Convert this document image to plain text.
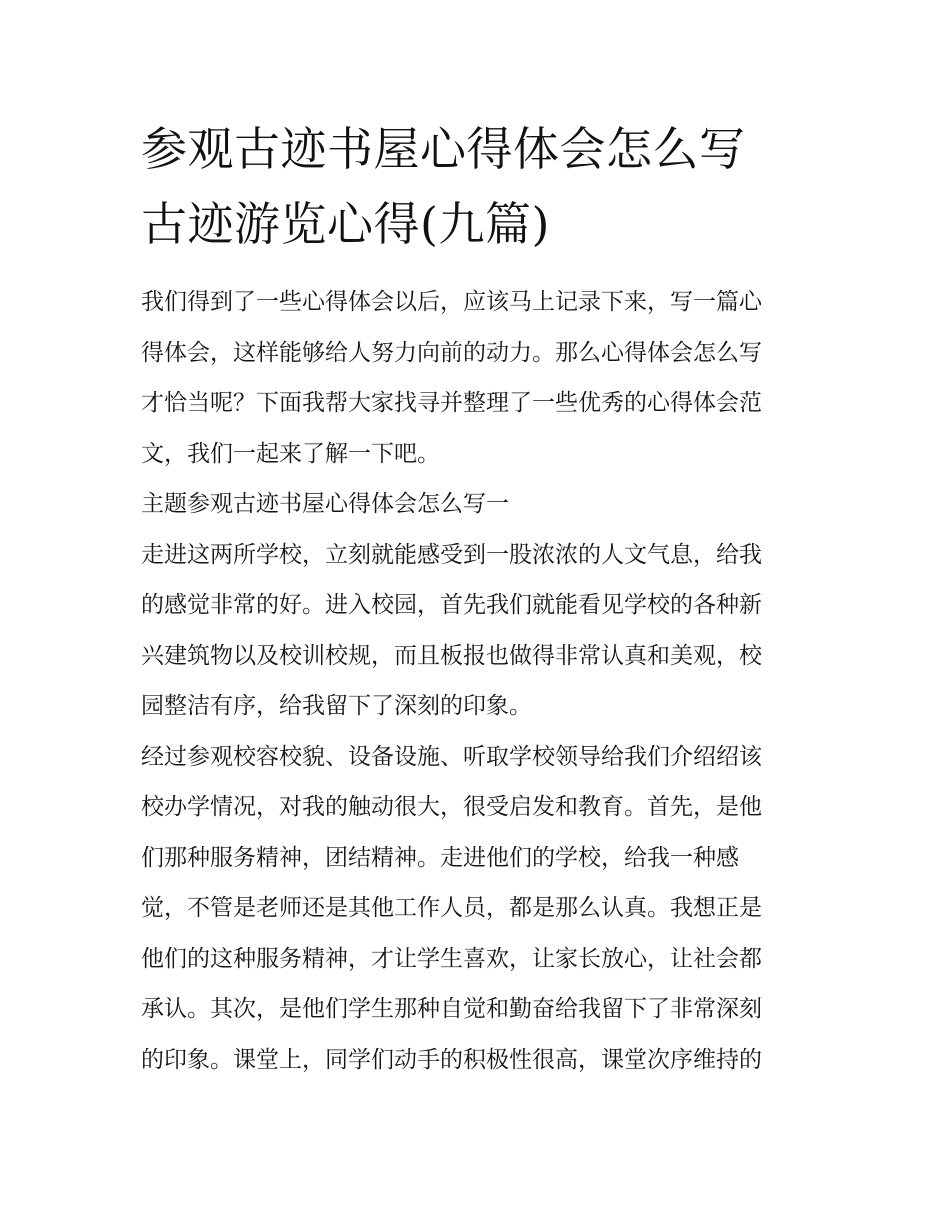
参观古迹书屋心得体会怎么写
古迹游览心得(九篇)

我们得到了一些心得体会以后，应该马上记录下来，写一篇心
得体会，这样能够给人努力向前的动力。那么心得体会怎么写
才恰当呢？下面我帮大家找寻并整理了一些优秀的心得体会范
文，我们一起来了解一下吧。

主题参观古迹书屋心得体会怎么写一

走进这两所学校，立刻就能感受到一股浓浓的人文气息，给我
的感觉非常的好。进入校园，首先我们就能看见学校的各种新
兴建筑物以及校训校规，而且板报也做得非常认真和美观，校
园整洁有序，给我留下了深刻的印象。

经过参观校容校貌、设备设施、听取学校领导给我们介绍绍该
校办学情况，对我的触动很大，很受启发和教育。首先，是他
们那种服务精神，团结精神。走进他们的学校，给我一种感
觉，不管是老师还是其他工作人员，都是那么认真。我想正是
他们的这种服务精神，才让学生喜欢，让家长放心，让社会都
承认。其次，是他们学生那种自觉和勤奋给我留下了非常深刻
的印象。课堂上，同学们动手的积极性很高，课堂次序维持的
